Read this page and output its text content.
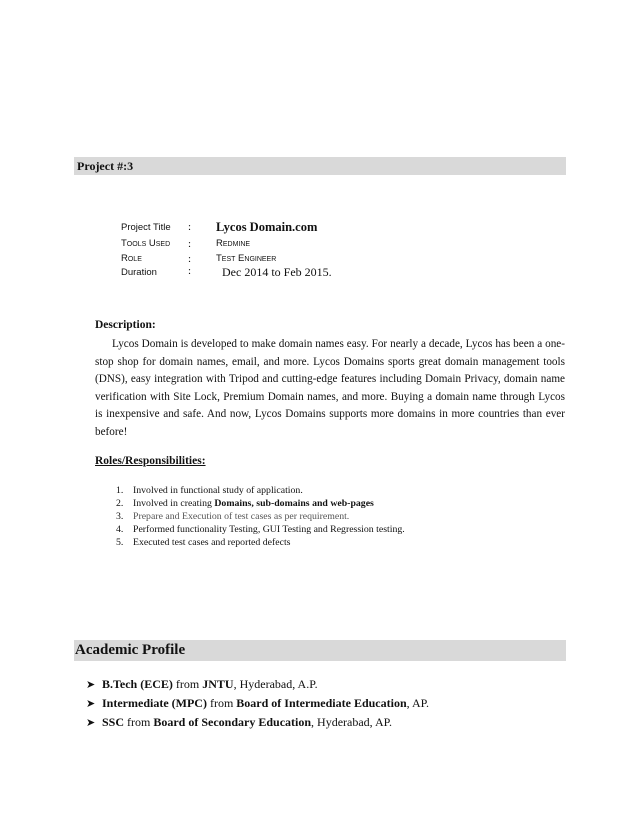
Project #:3
Project Title : Lycos Domain.com
Tools Used :	Redmine
Role	:	Test Engineer
Duration	:	Dec 2014 to Feb 2015.
Description:

Lycos Domain is developed to make domain names easy. For nearly a decade, Lycos has been a one-stop shop for domain names, email, and more. Lycos Domains sports great domain management tools (DNS), easy integration with Tripod and cutting-edge features including Domain Privacy, domain name verification with Site Lock, Premium Domain names, and more. Buying a domain name through Lycos is inexpensive and safe. And now, Lycos Domains supports more domains in more countries than ever before!

Roles/Responsibilities:
1. Involved in functional study of application.
2. Involved in creating Domains, sub-domains and web-pages
3. Prepare and Execution of test cases as per requirement.
4. Performed functionality Testing, GUI Testing and Regression testing.
5. Executed test cases and reported defects
Academic Profile
➤ B.Tech (ECE) from JNTU, Hyderabad, A.P.
➤ Intermediate (MPC) from Board of Intermediate Education, AP.
➤ SSC from Board of Secondary Education, Hyderabad, AP.
